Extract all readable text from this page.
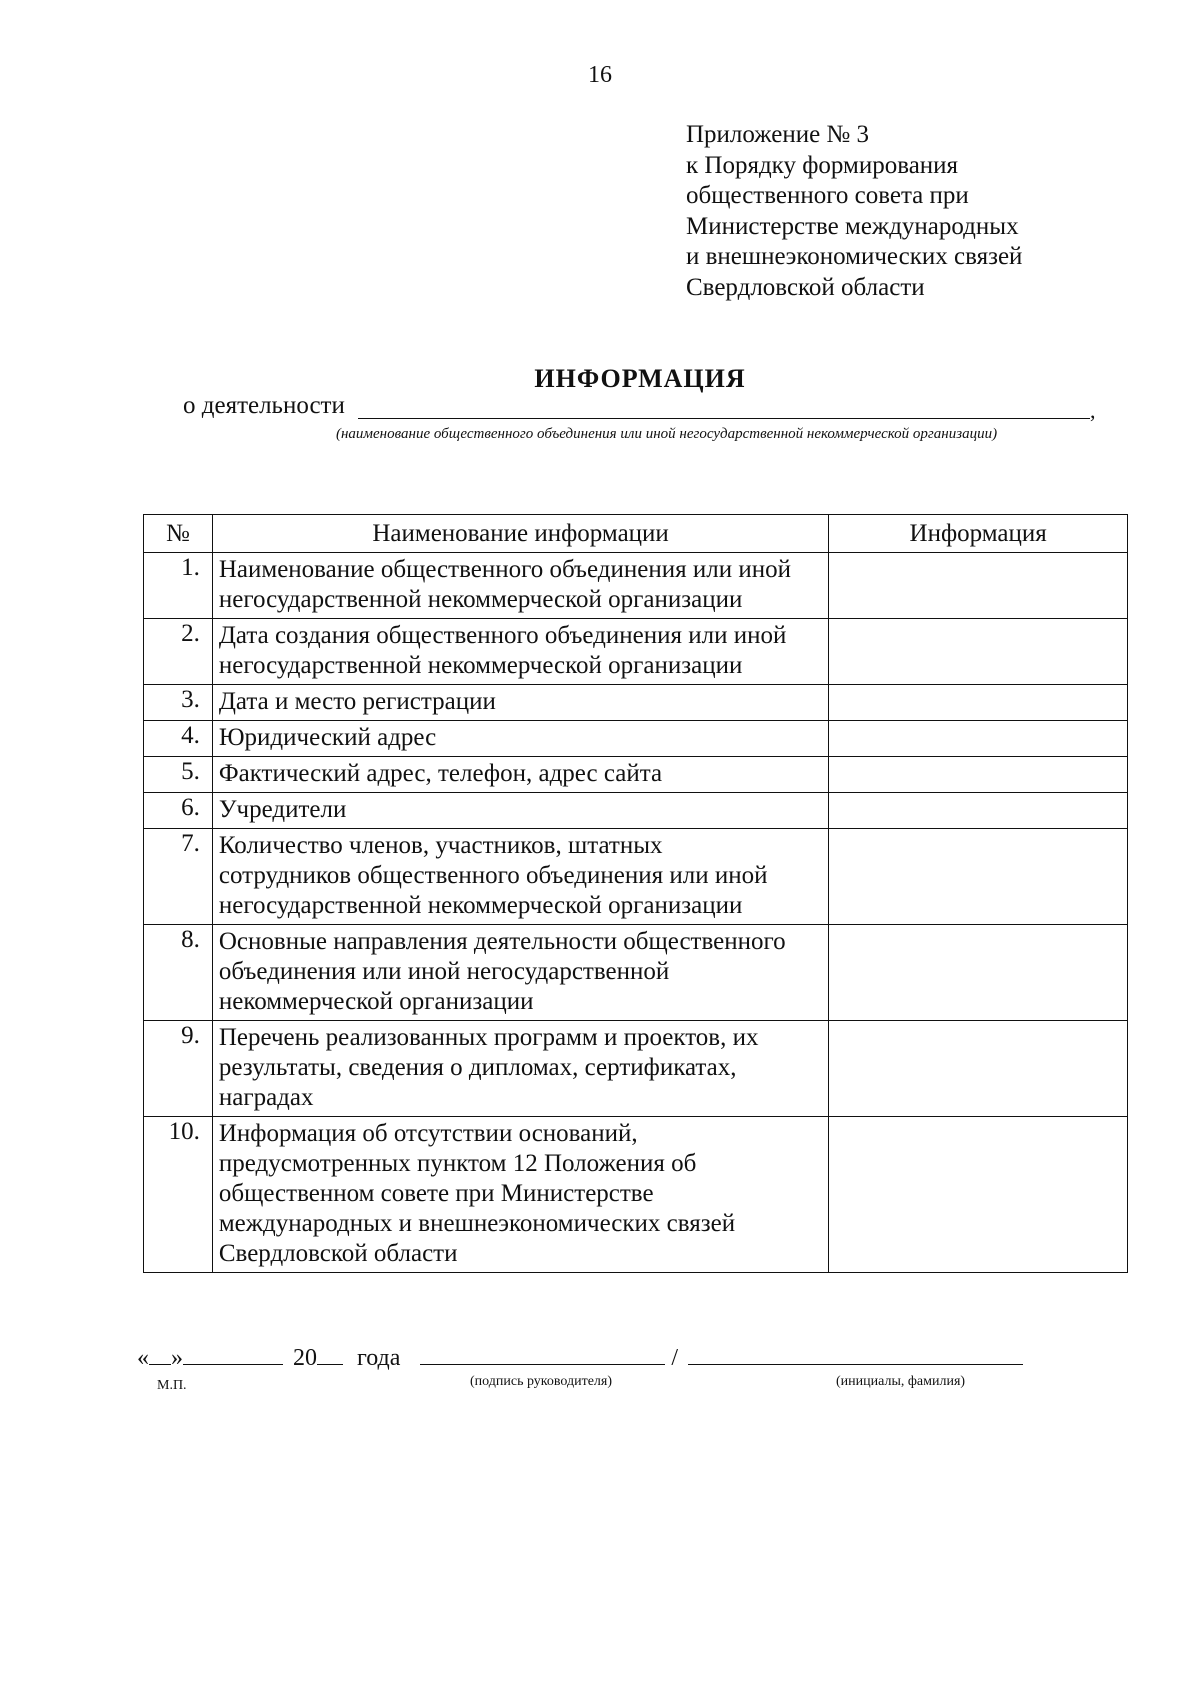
16
Приложение № 3
к Порядку формирования
общественного совета при
Министерстве международных
и внешнеэкономических связей
Свердловской области
ИНФОРМАЦИЯ
о деятельности	,
(наименование общественного объединения или иной негосударственной некоммерческой организации)
№	Наименование информации	Информация
1.	Наименование общественного объединения или иной
негосударственной некоммерческой организации	

2.	Дата создания общественного объединения или иной
негосударственной некоммерческой организации	

3.	Дата и место регистрации	

4.	Юридический адрес	

5.	Фактический адрес, телефон, адрес сайта	

6.	Учредители	

7.	Количество членов, участников, штатных
сотрудников общественного объединения или иной
негосударственной некоммерческой организации	

8.	Основные направления деятельности общественного
объединения или иной негосударственной
некоммерческой организации	

9.	Перечень реализованных программ и проектов, их
результаты, сведения о дипломах, сертификатах,
наградах	

10.	Информация об отсутствии оснований,
предусмотренных пунктом 12 Положения об
общественном совете при Министерстве
международных и внешнеэкономических связей
Свердловской области	

« »	20 года	/
М.П.	(подпись руководителя)	(инициалы, фамилия)
